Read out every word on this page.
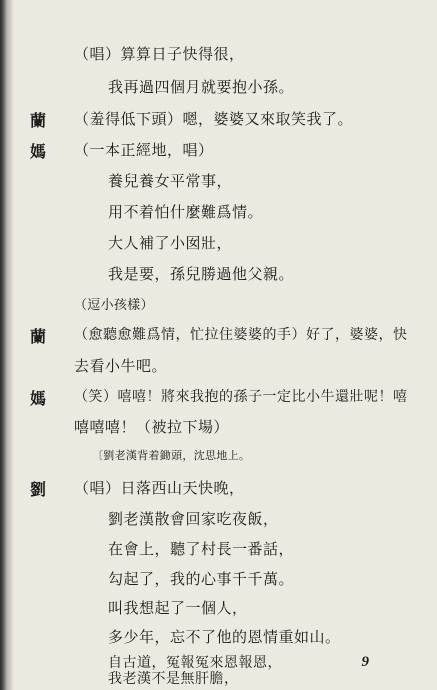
（唱）算算日子快得很，
我再過四個月就要抱小孫。
蘭 （羞得低下頭）嗯，婆婆又來取笑我了。
媽 （一本正經地，唱）
養兒養女平常事，
用不着怕什麼難爲情。
大人補了小囡壯，
我是要，孫兒勝過他父親。
（逗小孩樣）
蘭 （愈聽愈難爲情，忙拉住婆婆的手）好了，婆婆，快
去看小牛吧。
媽 （笑）嘻嘻！將來我抱的孫子一定比小牛還壯呢！嘻
嘻嘻嘻！（被拉下場）
〔劉老漢背着鋤頭，沈思地上。
劉 （唱）日落西山天快晚，
劉老漢散會回家吃夜飯，
在會上，聽了村長一番話，
勾起了，我的心事千千萬。
叫我想起了一個人，
多少年，忘不了他的恩情重如山。
自古道，冤報冤來恩報恩，
我老漢不是無肝膽，
9
